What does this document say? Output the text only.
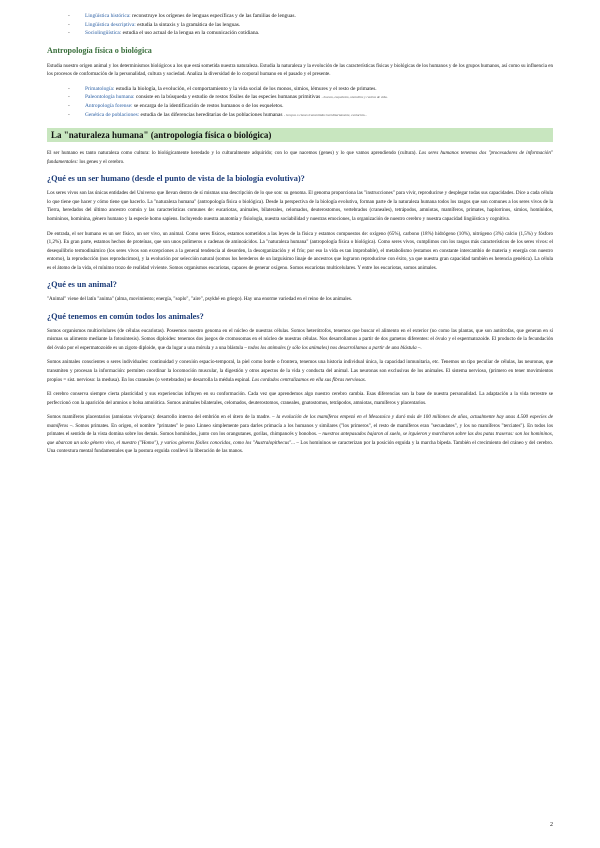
- Lingüística histórica: reconstruye los orígenes de lenguas específicas y de las familias de lenguas.
- Lingüística descriptiva: estudia la sintaxis y la gramática de las lenguas.
- Sociolingüística: estudia el uso actual de la lengua en la comunicación cotidiana.
Antropología física o biológica

Estudia nuestro origen animal y los determinismos biológicos a los que está sometida nuestra naturaleza. Estudia la naturaleza y la evolución de las características físicas y biológicas de los humanos y de los grupos humanos, así como su influencia en los procesos de conformación de la personalidad, cultura y sociedad. Analiza la diversidad de lo corporal humano en el pasado y el presente.

- Primatología: estudia la biología, la evolución, el comportamiento y la vida social de los monos, simios, lémures y el resto de primates.
- Paleontología humana: consiste en la búsqueda y estudio de restos fósiles de las especies humanas primitivas - huesos, esqueletos, utensilios y rastros de vida.
- Antropología forense: se encarga de la identificación de restos humanos o de los esqueletos.
- Genética de poblaciones: estudia de las diferencias hereditarias de las poblaciones humanas - Grupos o clases transmitidos hereditariamente, evolución...
La "naturaleza humana" (antropología física o biológica)

El ser humano es tanto naturaleza como cultura: lo biológicamente heredado y lo culturalmente adquirido; con lo que nacemos (genes) y lo que vamos aprendiendo (cultura). Los seres humanos tenemos dos "procesadores de información" fundamentales: los genes y el cerebro.

¿Qué es un ser humano (desde el punto de vista de la biología evolutiva)?

Los seres vivos son las únicas entidades del Universo que llevan dentro de sí mismas una descripción de lo que son: su genoma. El genoma proporciona las "instrucciones" para vivir, reproducirse y desplegar todas sus capacidades. Dice a cada célula lo que tiene que hacer y cómo tiene que hacerlo. La "naturaleza humana" (antropología física o biológica). Desde la perspectiva de la biología evolutiva, forman parte de la naturaleza humana todos los rasgos que son comunes a los seres vivos de la Tierra, heredados del último ancestro común y las características comunes de: eucariotas, animales, bilaterales, celomados, deuterostomos, vertebrados (craneales), tetrápodos, amniotas, mamíferos, primates, haplorrinos, simios, homínidos, homininos, hominina, género humano y la especie homo sapiens. Incluyendo nuestra anatomía y fisiología, nuestra sociabilidad y nuestras emociones, la organización de nuestro cerebro y nuestra capacidad lingüística y cognitiva.

De entrada, el ser humano es un ser físico, un ser vivo, un animal. Como seres físicos, estamos sometidos a las leyes de la física y estamos compuestos de: oxígeno (65%), carbono (18%) hidrógeno (10%), nitrógeno (3%) calcio (1,5%) y fósforo (1,2%). En gran parte, estamos hechos de proteínas, que son unos polímeros o cadenas de aminoácidos. La "naturaleza humana" (antropología física o biológica). Como seres vivos, cumplimos con los rasgos más característicos de los seres vivos: el desequilibrio termodinámico (los seres vivos son excepciones a la general tendencia al desorden, la desorganización y el frío; por eso la vida es tan improbable), el metabolismo (estamos en constante intercambio de materia y energía con nuestro entorno), la reproducción (nos reproducimos), y la evolución por selección natural (somos los herederos de un larguísimo linaje de ancestros que lograron reproducirse con éxito, ya que nuestra gran capacidad también es herencia genética). La célula es el átomo de la vida, el mínimo trozo de realidad viviente. Somos organismos eucariotas, capaces de generar oxígeno. Somos eucariotas multicelulares. Y entre los eucariotas, somos animales.

¿Qué es un animal?

"Animal" viene del latín "anima" (alma, movimiento; energía, "soplo", "aire", psykhé en griego). Hay una enorme variedad en el reino de los animales.

¿Qué tenemos en común todos los animales?

Somos organismos multicelulares (de células eucariotas). Poseemos nuestro genoma en el núcleo de nuestras células. Somos heterótrofos, tenemos que buscar el alimento en el exterior (no como las plantas, que son autótrofas, que generan en sí mismas su alimento mediante la fotosíntesis). Somos diploides: tenemos dos juegos de cromosomas en el núcleo de nuestras células. Nos desarrollamos a partir de dos gametos diferentes: el óvulo y el espermatozoide. El producto de la fecundación del óvulo por el espermatozoide es un zigoto diploide, que da lugar a una mórula y a una blástula – todos los animales (y sólo los animales) nos desarrollamos a partir de una blástula –.

Somos animales conscientes o seres individuales: continuidad y conexión espacio-temporal, la piel como borde o frontera, tenemos una historia individual única, la capacidad inmunitaria, etc. Tenemos un tipo peculiar de células, las neuronas, que transmiten y procesan la información: permiten coordinar la locomoción muscular, la digestión y otros aspectos de la vida y conducta del animal. Las neuronas son exclusivas de los animales. El sistema nervioso, (primero en tener movimientos propios = sist. nervioso: la medusa). En los craneales (o vertebrados) se desarrolla la médula espinal. Los cordados centralizamos en ella sus fibras nerviosas.

El cerebro conserva siempre cierta plasticidad y sus experiencias influyen en su conformación. Cada vez que aprendemos algo nuestro cerebro cambia. Esas diferencias son la base de nuestra personalidad. La adaptación a la vida terrestre se perfeccionó con la aparición del amnios o bolsa amniótica. Somos animales bilaterales, celomados, deuterostomos, craneales, gnatostomos, tetrápodos, amniotas, mamíferos y placentarios.

Somos mamíferos placentarios (amniotas vivíparos): desarrollo interno del embrión en el útero de la madre. – la evolución de los mamíferos empezó en el Mesozoico y duró más de 100 millones de años, actualmente hay unas 4.500 especies de mamíferos –. Somos primates. En origen, el nombre "primates" le puso Linneo simplemente para darles primacía a los humanos y similares ("los primeros", el resto de mamíferos eran "secundates", y los no mamíferos "terciates"). En todos los primates el sentido de la vista domina sobre los demás. Somos homínidos, junto con los orangutanes, gorilas, chimpancés y bonobos. – nuestros antepasados bajaron al suelo, se irguieron y marcharon sobre las dos patas traseras: son los homininos, que abarcan un solo género vivo, el nuestro ("Homo"), y varios géneros fósiles conocidos, como los "Australopithecus"... – Los homininos se caracterizan por la posición erguida y la marcha bípeda. También el crecimiento del cráneo y del cerebro. Una contextura mental fundamentales que la postura erguida conllevó la liberación de las manos.

2
